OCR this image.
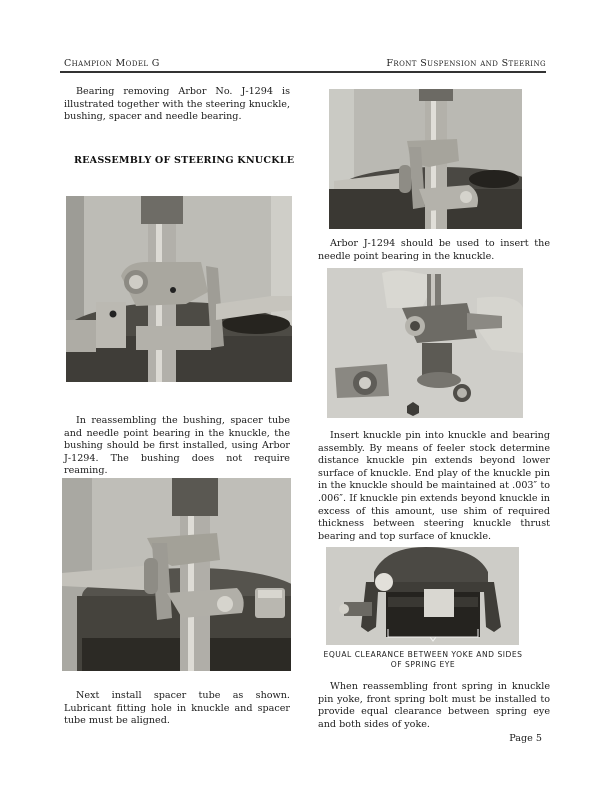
Champion Model G	Front Suspension and Steering

Bearing removing Arbor No. J-1294 is illustrated together with the steering knuckle, bushing, spacer and needle bearing.

REASSEMBLY OF STEERING KNUCKLE

In reassembling the bushing, spacer tube and needle point bearing in the knuckle, the bushing should be first installed, using Arbor J-1294. The bushing does not require reaming.

Next install spacer tube as shown. Lubricant fitting hole in knuckle and spacer tube must be aligned.

Arbor J-1294 should be used to insert the needle point bearing in the knuckle.

Insert knuckle pin into knuckle and bearing assembly. By means of feeler stock determine distance knuckle pin extends beyond lower surface of knuckle. End play of the knuckle pin in the knuckle should be maintained at .003″ to .006″. If knuckle pin extends beyond knuckle in excess of this amount, use shim of required thickness between steering knuckle thrust bearing and top surface of knuckle.

EQUAL CLEARANCE BETWEEN YOKE AND SIDES OF SPRING EYE

When reassembling front spring in knuckle pin yoke, front spring bolt must be installed to provide equal clearance between spring eye and both sides of yoke.

Page 5
